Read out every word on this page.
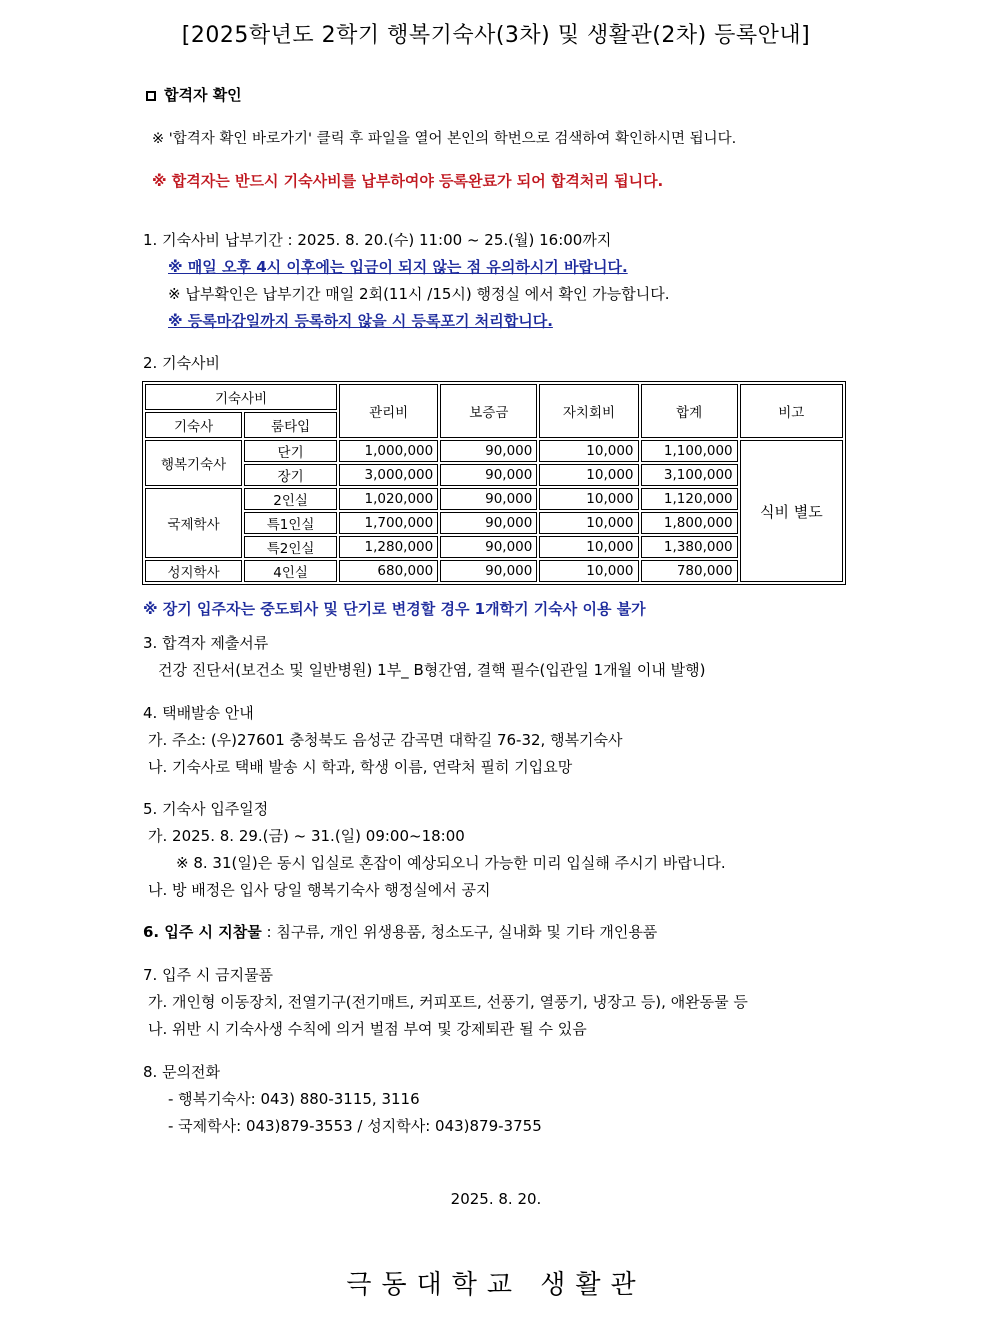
[2025학년도 2학기 행복기숙사(3차) 및 생활관(2차) 등록안내]
합격자 확인
※ '합격자 확인 바로가기' 클릭 후 파일을 열어 본인의 학번으로 검색하여 확인하시면 됩니다.
※ 합격자는 반드시 기숙사비를 납부하여야 등록완료가 되어 합격처리 됩니다.
1. 기숙사비 납부기간 : 2025. 8. 20.(수) 11:00 ~ 25.(월) 16:00까지
※ 매일 오후 4시 이후에는 입금이 되지 않는 점 유의하시기 바랍니다.
※ 납부확인은 납부기간 매일 2회(11시 /15시) 행정실 에서 확인 가능합니다.
※ 등록마감일까지 등록하지 않을 시 등록포기 처리합니다.
2. 기숙사비
기숙사비		관리비	보증금	자치회비	합계	비고
기숙사	룸타입					
행복기숙사	단기	1,000,000	90,000	10,000	1,100,000	식비 별도
	장기	3,000,000	90,000	10,000	3,100,000	
국제학사	2인실	1,020,000	90,000	10,000	1,120,000	
	특1인실	1,700,000	90,000	10,000	1,800,000	
	특2인실	1,280,000	90,000	10,000	1,380,000	
성지학사	4인실	680,000	90,000	10,000	780,000	
※ 장기 입주자는 중도퇴사 및 단기로 변경할 경우 1개학기 기숙사 이용 불가
3. 합격자 제출서류
건강 진단서(보건소 및 일반병원) 1부_ B형간염, 결핵 필수(입관일 1개월 이내 발행)
4. 택배발송 안내
가. 주소: (우)27601 충청북도 음성군 감곡면 대학길 76-32, 행복기숙사
나. 기숙사로 택배 발송 시 학과, 학생 이름, 연락처 필히 기입요망
5. 기숙사 입주일정
가. 2025. 8. 29.(금) ~ 31.(일) 09:00~18:00
※ 8. 31(일)은 동시 입실로 혼잡이 예상되오니 가능한 미리 입실해 주시기 바랍니다.
나. 방 배정은 입사 당일 행복기숙사 행정실에서 공지
6. 입주 시 지참물 : 침구류, 개인 위생용품, 청소도구, 실내화 및 기타 개인용품
7. 입주 시 금지물품
가. 개인형 이동장치, 전열기구(전기매트, 커피포트, 선풍기, 열풍기, 냉장고 등), 애완동물 등
나. 위반 시 기숙사생 수칙에 의거 벌점 부여 및 강제퇴관 될 수 있음
8. 문의전화
- 행복기숙사: 043) 880-3115, 3116
- 국제학사: 043)879-3553 / 성지학사: 043)879-3755
2025. 8. 20.
극동대학교 생활관
